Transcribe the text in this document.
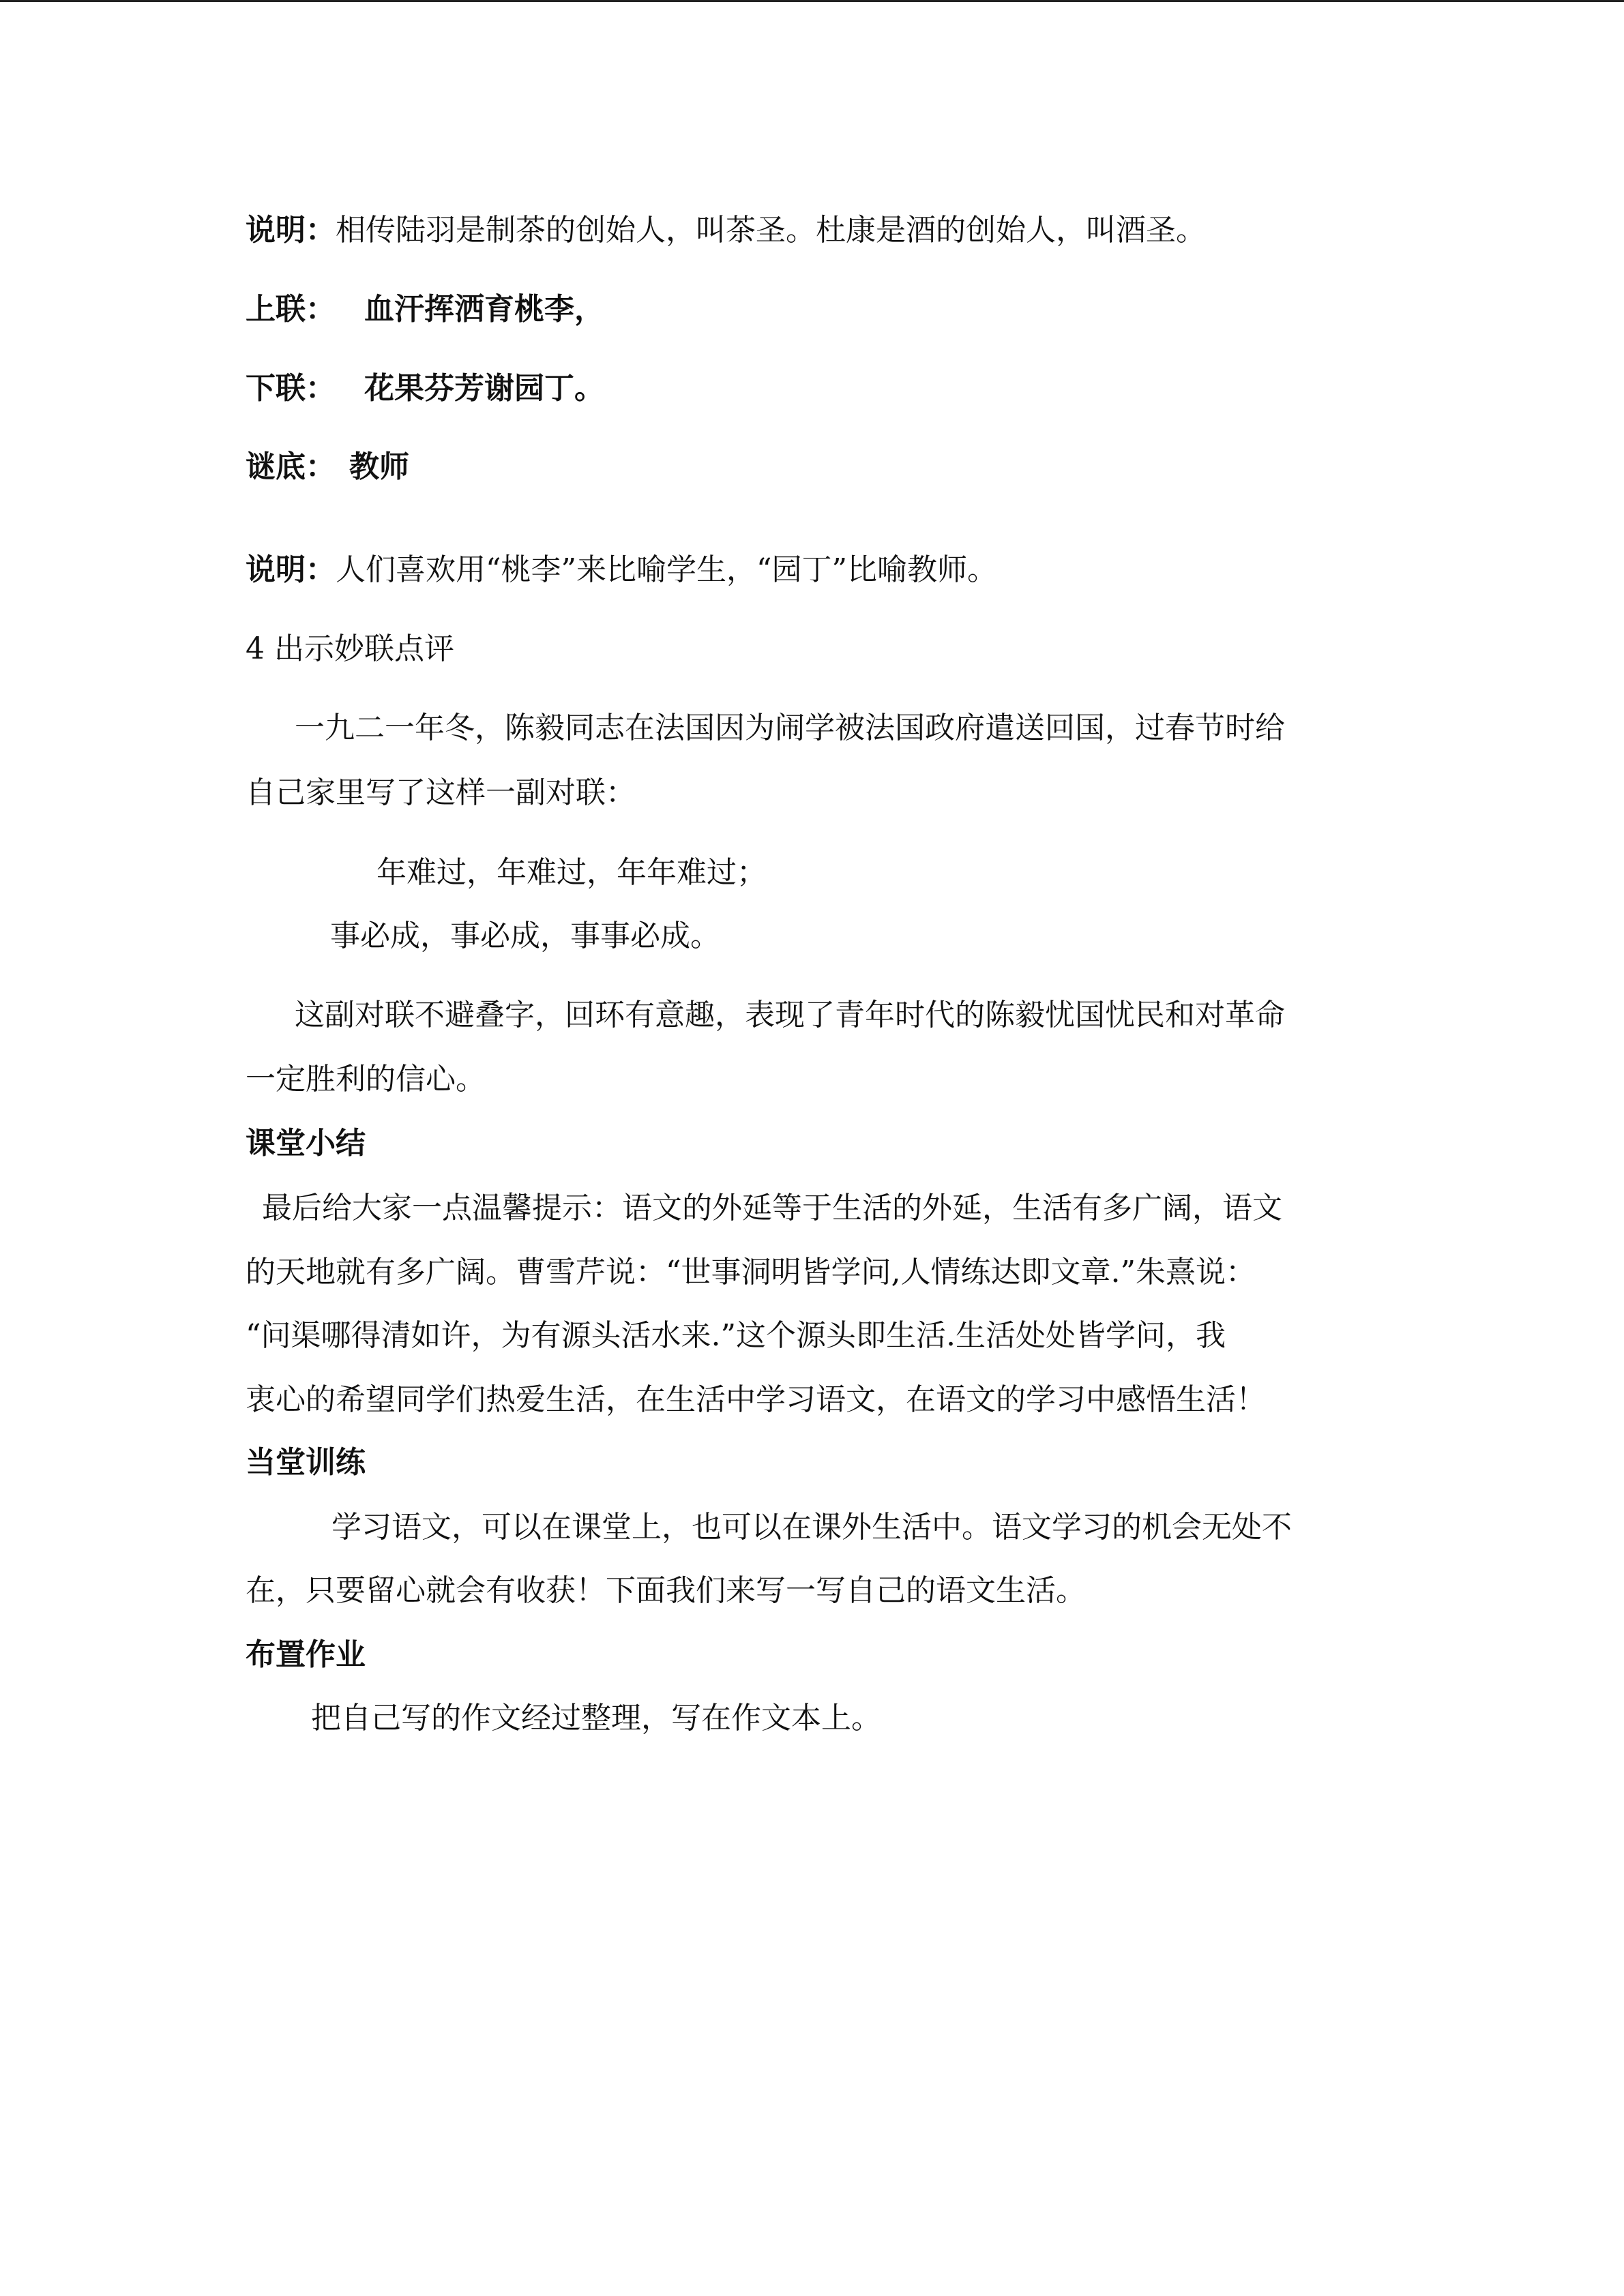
说明：相传陆羽是制茶的创始人，叫茶圣。杜康是酒的创始人，叫酒圣。
上联： 血汗挥洒育桃李，
下联： 花果芬芳谢园丁。
谜底： 教师
说明：人们喜欢用“桃李”来比喻学生，“园丁”比喻教师。
4 出示妙联点评
一九二一年冬，陈毅同志在法国因为闹学被法国政府遣送回国，过春节时给
自己家里写了这样一副对联：
年难过，年难过，年年难过；
事必成，事必成，事事必成。
这副对联不避叠字，回环有意趣，表现了青年时代的陈毅忧国忧民和对革命
一定胜利的信心。
课堂小结
最后给大家一点温馨提示：语文的外延等于生活的外延，生活有多广阔，语文
的天地就有多广阔。曹雪芹说：“世事洞明皆学问,人情练达即文章.”朱熹说：
“问渠哪得清如许，为有源头活水来.”这个源头即生活.生活处处皆学问，我
衷心的希望同学们热爱生活，在生活中学习语文，在语文的学习中感悟生活！
当堂训练
学习语文，可以在课堂上，也可以在课外生活中。语文学习的机会无处不
在，只要留心就会有收获！下面我们来写一写自己的语文生活。
布置作业
把自己写的作文经过整理，写在作文本上。
